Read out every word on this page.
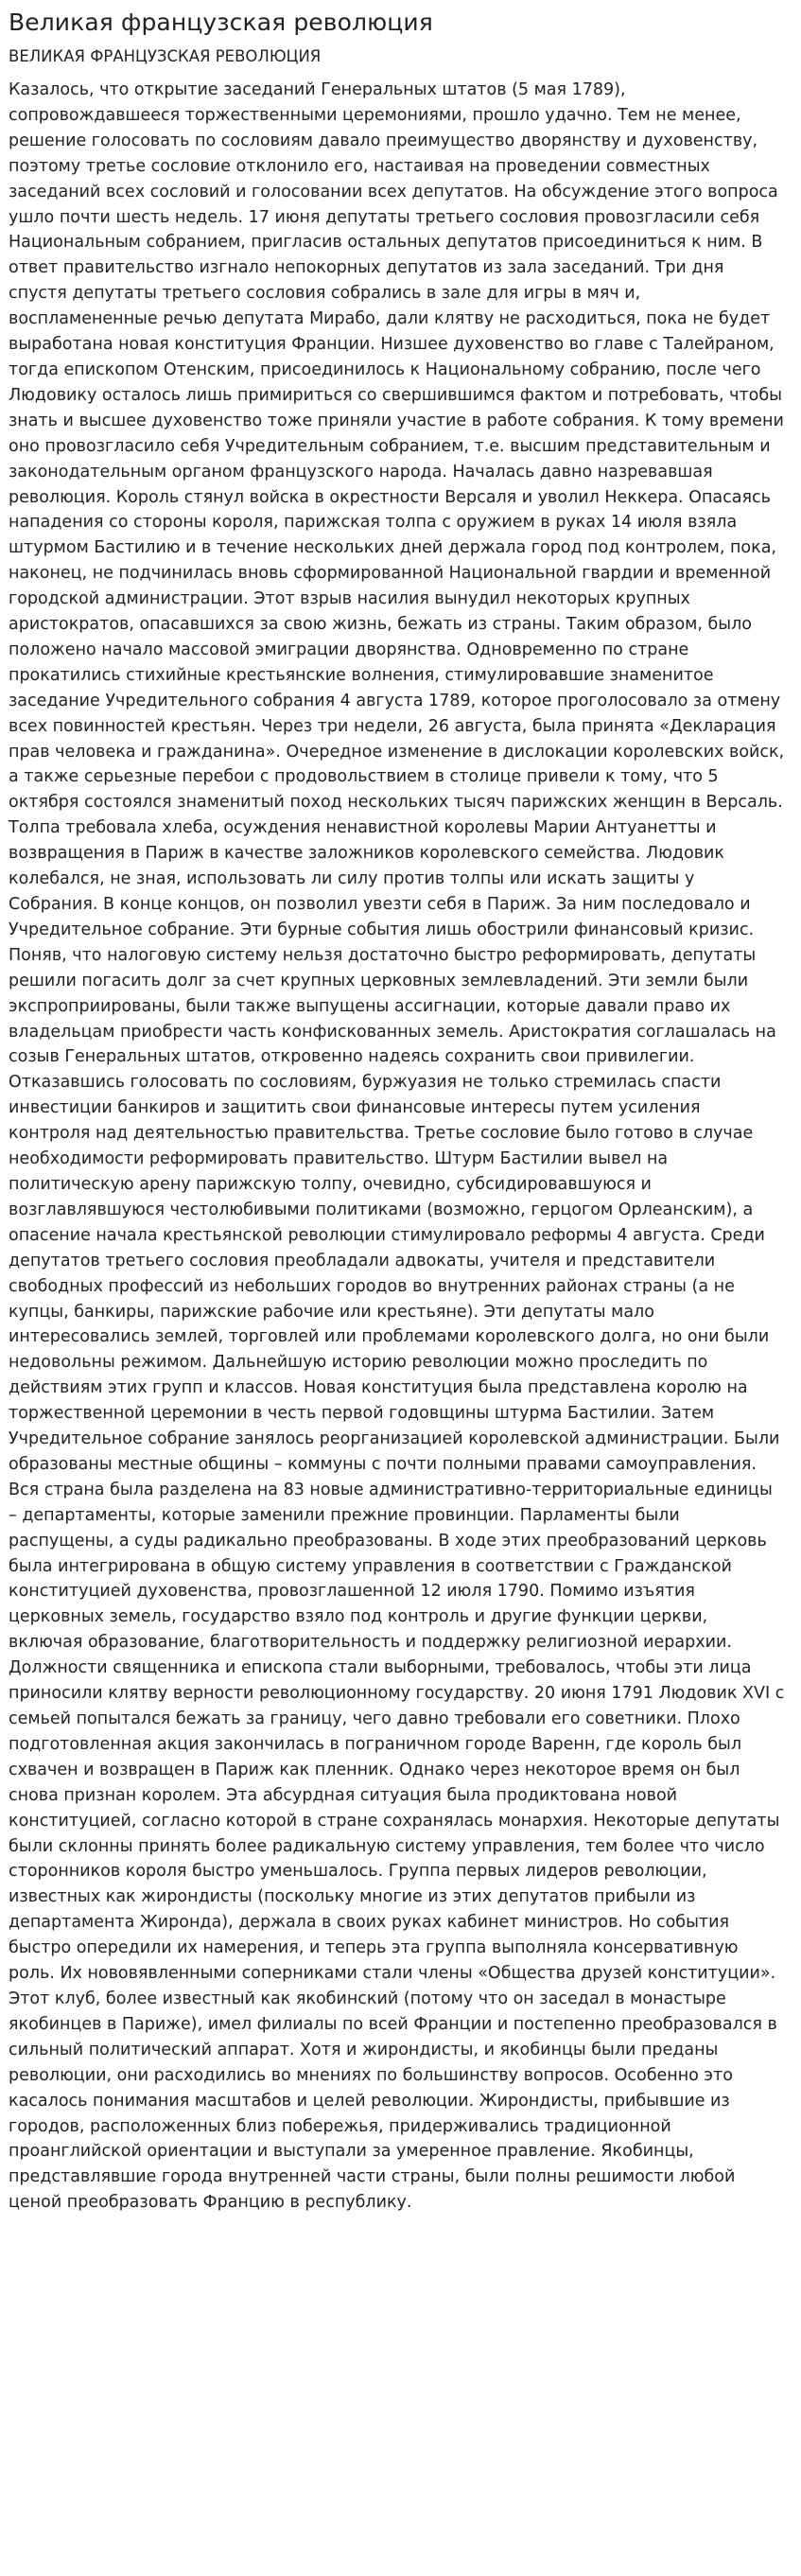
Великая французская революция
ВЕЛИКАЯ ФРАНЦУЗСКАЯ РЕВОЛЮЦИЯ

Казалось, что открытие заседаний Генеральных штатов (5 мая 1789), сопровождавшееся торжественными церемониями, прошло удачно. Тем не менее, решение голосовать по сословиям давало преимущество дворянству и духовенству, поэтому третье сословие отклонило его, настаивая на проведении совместных заседаний всех сословий и голосовании всех депутатов. На обсуждение этого вопроса ушло почти шесть недель. 17 июня депутаты третьего сословия провозгласили себя Национальным собранием, пригласив остальных депутатов присоединиться к ним. В ответ правительство изгнало непокорных депутатов из зала заседаний. Три дня спустя депутаты третьего сословия собрались в зале для игры в мяч и, воспламененные речью депутата Мирабо, дали клятву не расходиться, пока не будет выработана новая конституция Франции. Низшее духовенство во главе с Талейраном, тогда епископом Отенским, присоединилось к Национальному собранию, после чего Людовику осталось лишь примириться со свершившимся фактом и потребовать, чтобы знать и высшее духовенство тоже приняли участие в работе собрания. К тому времени оно провозгласило себя Учредительным собранием, т.е. высшим представительным и законодательным органом французского народа. Началась давно назревавшая революция. Король стянул войска в окрестности Версаля и уволил Неккера. Опасаясь нападения со стороны короля, парижская толпа с оружием в руках 14 июля взяла штурмом Бастилию и в течение нескольких дней держала город под контролем, пока, наконец, не подчинилась вновь сформированной Национальной гвардии и временной городской администрации. Этот взрыв насилия вынудил некоторых крупных аристократов, опасавшихся за свою жизнь, бежать из страны. Таким образом, было положено начало массовой эмиграции дворянства. Одновременно по стране прокатились стихийные крестьянские волнения, стимулировавшие знаменитое заседание Учредительного собрания 4 августа 1789, которое проголосовало за отмену всех повинностей крестьян. Через три недели, 26 августа, была принята «Декларация прав человека и гражданина». Очередное изменение в дислокации королевских войск, а также серьезные перебои с продовольствием в столице привели к тому, что 5 октября состоялся знаменитый поход нескольких тысяч парижских женщин в Версаль. Толпа требовала хлеба, осуждения ненавистной королевы Марии Антуанетты и возвращения в Париж в качестве заложников королевского семейства. Людовик колебался, не зная, использовать ли силу против толпы или искать защиты у Собрания. В конце концов, он позволил увезти себя в Париж. За ним последовало и Учредительное собрание. Эти бурные события лишь обострили финансовый кризис. Поняв, что налоговую систему нельзя достаточно быстро реформировать, депутаты решили погасить долг за счет крупных церковных землевладений. Эти земли были экспроприированы, были также выпущены ассигнации, которые давали право их владельцам приобрести часть конфискованных земель. Аристократия соглашалась на созыв Генеральных штатов, откровенно надеясь сохранить свои привилегии. Отказавшись голосовать по сословиям, буржуазия не только стремилась спасти инвестиции банкиров и защитить свои финансовые интересы путем усиления контроля над деятельностью правительства. Третье сословие было готово в случае необходимости реформировать правительство. Штурм Бастилии вывел на политическую арену парижскую толпу, очевидно, субсидировавшуюся и возглавлявшуюся честолюбивыми политиками (возможно, герцогом Орлеанским), а опасение начала крестьянской революции стимулировало реформы 4 августа. Среди депутатов третьего сословия преобладали адвокаты, учителя и представители свободных профессий из небольших городов во внутренних районах страны (а не купцы, банкиры, парижские рабочие или крестьяне). Эти депутаты мало интересовались землей, торговлей или проблемами королевского долга, но они были недовольны режимом. Дальнейшую историю революции можно проследить по действиям этих групп и классов. Новая конституция была представлена королю на торжественной церемонии в честь первой годовщины штурма Бастилии. Затем Учредительное собрание занялось реорганизацией королевской администрации. Были образованы местные общины – коммуны с почти полными правами самоуправления. Вся страна была разделена на 83 новые административно-территориальные единицы – департаменты, которые заменили прежние провинции. Парламенты были распущены, а суды радикально преобразованы. В ходе этих преобразований церковь была интегрирована в общую систему управления в соответствии с Гражданской конституцией духовенства, провозглашенной 12 июля 1790. Помимо изъятия церковных земель, государство взяло под контроль и другие функции церкви, включая образование, благотворительность и поддержку религиозной иерархии. Должности священника и епископа стали выборными, требовалось, чтобы эти лица приносили клятву верности революционному государству. 20 июня 1791 Людовик XVI с семьей попытался бежать за границу, чего давно требовали его советники. Плохо подготовленная акция закончилась в пограничном городе Варенн, где король был схвачен и возвращен в Париж как пленник. Однако через некоторое время он был снова признан королем. Эта абсурдная ситуация была продиктована новой конституцией, согласно которой в стране сохранялась монархия. Некоторые депутаты были склонны принять более радикальную систему управления, тем более что число сторонников короля быстро уменьшалось. Группа первых лидеров революции, известных как жирондисты (поскольку многие из этих депутатов прибыли из департамента Жиронда), держала в своих руках кабинет министров. Но события быстро опередили их намерения, и теперь эта группа выполняла консервативную роль. Их нововявленными соперниками стали члены «Общества друзей конституции». Этот клуб, более известный как якобинский (потому что он заседал в монастыре якобинцев в Париже), имел филиалы по всей Франции и постепенно преобразовался в сильный политический аппарат. Хотя и жирондисты, и якобинцы были преданы революции, они расходились во мнениях по большинству вопросов. Особенно это касалось понимания масштабов и целей революции. Жирондисты, прибывшие из городов, расположенных близ побережья, придерживались традиционной проанглийской ориентации и выступали за умеренное правление. Якобинцы, представлявшие города внутренней части страны, были полны решимости любой ценой преобразовать Францию в республику.
